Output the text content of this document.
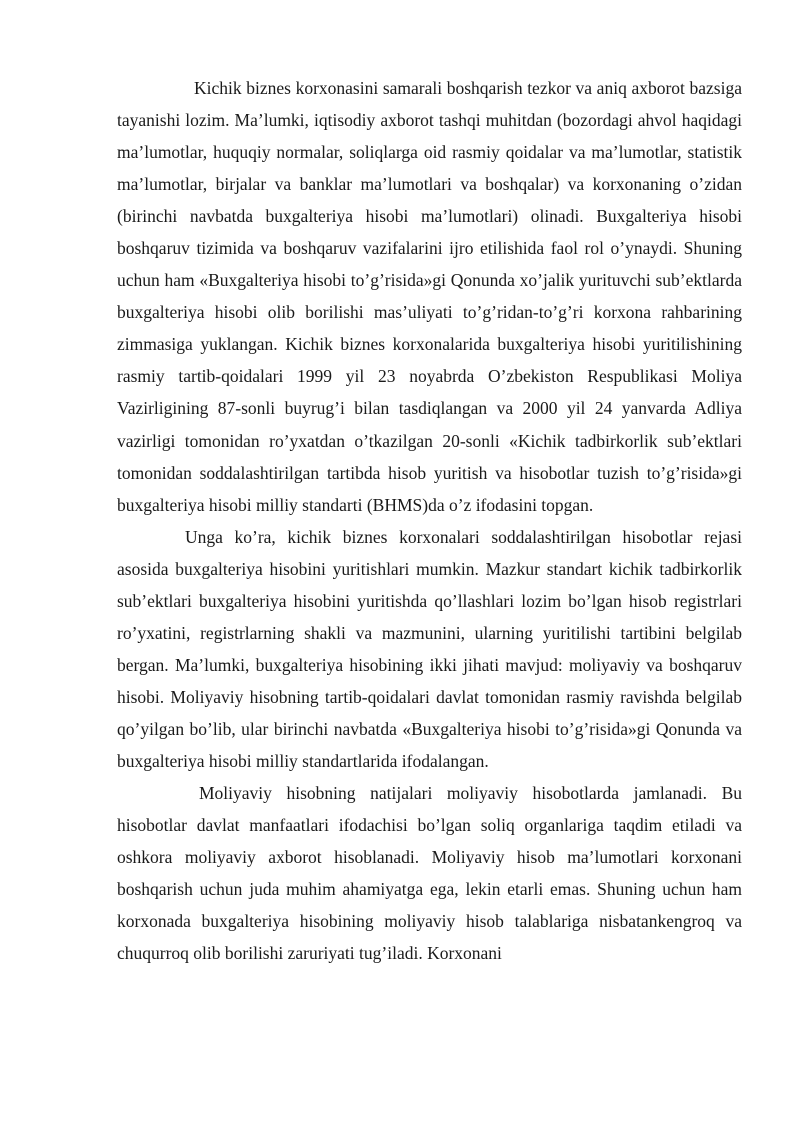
Kichik biznes korxonasini samarali boshqarish tezkor va aniq axborot bazsiga tayanishi lozim. Ma’lumki, iqtisodiy axborot tashqi muhitdan (bozordagi ahvol haqidagi ma’lumotlar, huquqiy normalar, soliqlarga oid rasmiy qoidalar va ma’lumotlar, statistik ma’lumotlar, birjalar va banklar ma’lumotlari va boshqalar) va korxonaning o’zidan (birinchi navbatda buxgalteriya hisobi ma’lumotlari) olinadi. Buxgalteriya hisobi boshqaruv tizimida va boshqaruv vazifalarini ijro etilishida faol rol o’ynaydi. Shuning uchun ham «Buxgalteriya hisobi to’g’risida»gi Qonunda xo’jalik yurituvchi sub’ektlarda buxgalteriya hisobi olib borilishi mas’uliyati to’g’ridan-to’g’ri korxona rahbarining zimmasiga yuklangan. Kichik biznes korxonalarida buxgalteriya hisobi yuritilishining rasmiy tartib-qoidalari 1999 yil 23 noyabrda O’zbekiston Respublikasi Moliya Vazirligining 87-sonli buyrug’i bilan tasdiqlangan va 2000 yil 24 yanvarda Adliya vazirligi tomonidan ro’yxatdan o’tkazilgan 20-sonli «Kichik tadbirkorlik sub’ektlari tomonidan soddalashtirilgan tartibda hisob yuritish va hisobotlar tuzish to’g’risida»gi buxgalteriya hisobi milliy standarti (BHMS)da o’z ifodasini topgan.

Unga ko’ra, kichik biznes korxonalari soddalashtirilgan hisobotlar rejasi asosida buxgalteriya hisobini yuritishlari mumkin. Mazkur standart kichik tadbirkorlik sub’ektlari buxgalteriya hisobini yuritishda qo’llashlari lozim bo’lgan hisob registrlari ro’yxatini, registrlarning shakli va mazmunini, ularning yuritilishi tartibini belgilab bergan. Ma’lumki, buxgalteriya hisobining ikki jihati mavjud: moliyaviy va boshqaruv hisobi. Moliyaviy hisobning tartib-qoidalari davlat tomonidan rasmiy ravishda belgilab qo’yilgan bo’lib, ular birinchi navbatda «Buxgalteriya hisobi to’g’risida»gi Qonunda va buxgalteriya hisobi milliy standartlarida ifodalangan.

Moliyaviy hisobning natijalari moliyaviy hisobotlarda jamlanadi. Bu hisobotlar davlat manfaatlari ifodachisi bo’lgan soliq organlariga taqdim etiladi va oshkora moliyaviy axborot hisoblanadi. Moliyaviy hisob ma’lumotlari korxonani boshqarish uchun juda muhim ahamiyatga ega, lekin etarli emas. Shuning uchun ham korxonada buxgalteriya hisobining moliyaviy hisob talablariga nisbatankengroq va chuqurroq olib borilishi zaruriyati tug’iladi. Korxonani
